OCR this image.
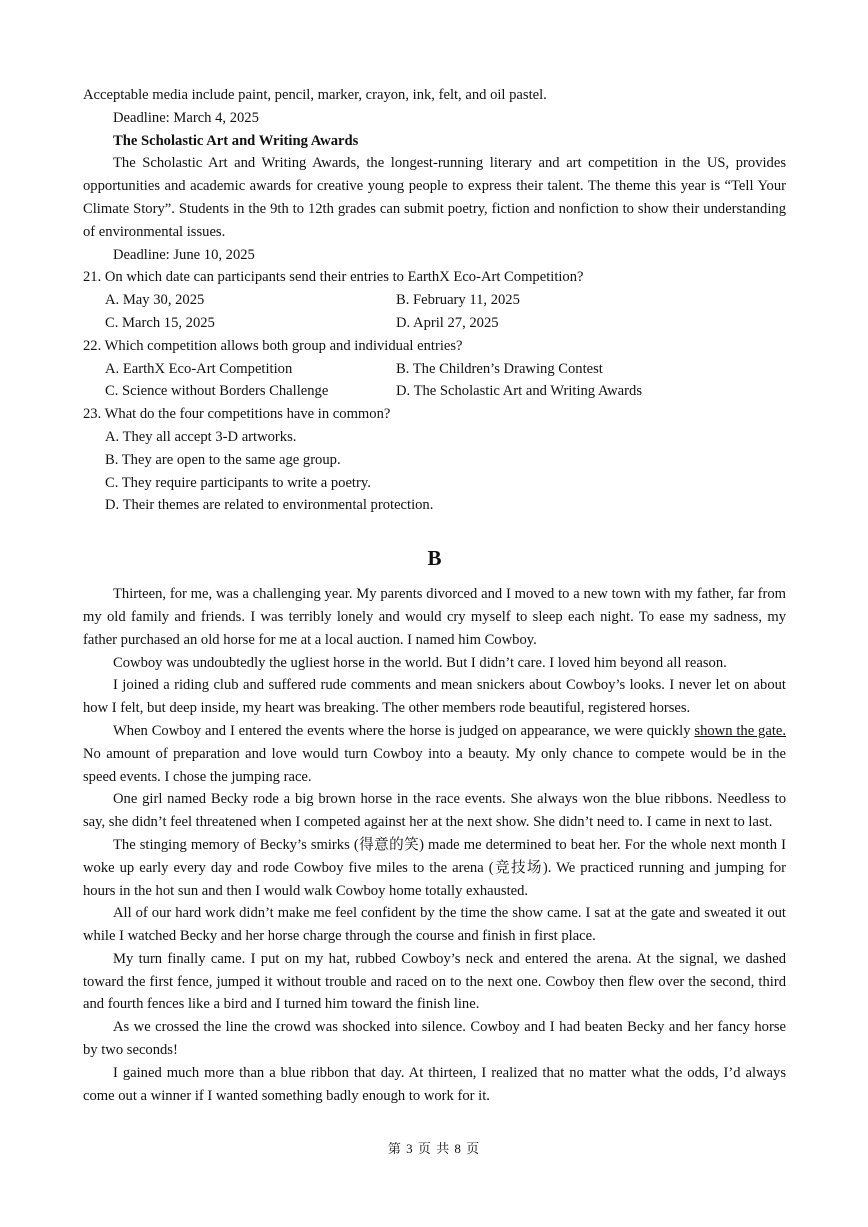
Acceptable media include paint, pencil, marker, crayon, ink, felt, and oil pastel.
Deadline: March 4, 2025
The Scholastic Art and Writing Awards
The Scholastic Art and Writing Awards, the longest-running literary and art competition in the US, provides opportunities and academic awards for creative young people to express their talent. The theme this year is “Tell Your Climate Story”. Students in the 9th to 12th grades can submit poetry, fiction and nonfiction to show their understanding of environmental issues.
Deadline: June 10, 2025
21. On which date can participants send their entries to EarthX Eco-Art Competition?
A. May 30, 2025	B. February 11, 2025
C. March 15, 2025	D. April 27, 2025
22. Which competition allows both group and individual entries?
A. EarthX Eco-Art Competition	B. The Children’s Drawing Contest
C. Science without Borders Challenge	D. The Scholastic Art and Writing Awards
23. What do the four competitions have in common?
A. They all accept 3-D artworks.
B. They are open to the same age group.
C. They require participants to write a poetry.
D. Their themes are related to environmental protection.
B
Thirteen, for me, was a challenging year. My parents divorced and I moved to a new town with my father, far from my old family and friends. I was terribly lonely and would cry myself to sleep each night. To ease my sadness, my father purchased an old horse for me at a local auction. I named him Cowboy.
Cowboy was undoubtedly the ugliest horse in the world. But I didn’t care. I loved him beyond all reason.
I joined a riding club and suffered rude comments and mean snickers about Cowboy’s looks. I never let on about how I felt, but deep inside, my heart was breaking. The other members rode beautiful, registered horses.
When Cowboy and I entered the events where the horse is judged on appearance, we were quickly shown the gate. No amount of preparation and love would turn Cowboy into a beauty. My only chance to compete would be in the speed events. I chose the jumping race.
One girl named Becky rode a big brown horse in the race events. She always won the blue ribbons. Needless to say, she didn’t feel threatened when I competed against her at the next show. She didn’t need to. I came in next to last.
The stinging memory of Becky’s smirks (得意的笑) made me determined to beat her. For the whole next month I woke up early every day and rode Cowboy five miles to the arena (竞技场). We practiced running and jumping for hours in the hot sun and then I would walk Cowboy home totally exhausted.
All of our hard work didn’t make me feel confident by the time the show came. I sat at the gate and sweated it out while I watched Becky and her horse charge through the course and finish in first place.
My turn finally came. I put on my hat, rubbed Cowboy’s neck and entered the arena. At the signal, we dashed toward the first fence, jumped it without trouble and raced on to the next one. Cowboy then flew over the second, third and fourth fences like a bird and I turned him toward the finish line.
As we crossed the line the crowd was shocked into silence. Cowboy and I had beaten Becky and her fancy horse by two seconds!
I gained much more than a blue ribbon that day. At thirteen, I realized that no matter what the odds, I’d always come out a winner if I wanted something badly enough to work for it.
第 3 页 共 8 页
